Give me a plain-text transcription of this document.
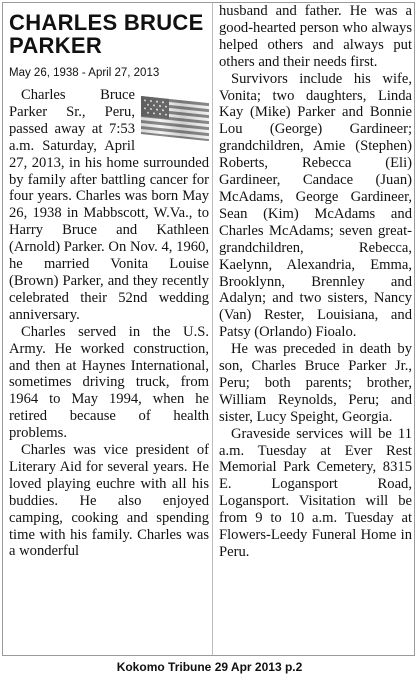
CHARLES BRUCE
PARKER
May 26, 1938 - April 27, 2013

Charles Bruce Parker Sr., Peru, passed away at 7:53 a.m. Saturday, April 27, 2013, in his home surrounded by family after battling cancer for four years. Charles was born May 26, 1938 in Mabbscott, W.Va., to Harry Bruce and Kathleen (Arnold) Parker. On Nov. 4, 1960, he married Vonita Louise (Brown) Parker, and they recently celebrated their 52nd wedding anniversary.

Charles served in the U.S. Army. He worked construction, and then at Haynes International, sometimes driving truck, from 1964 to May 1994, when he retired because of health problems.

Charles was vice president of Literary Aid for several years. He loved playing euchre with all his buddies. He also enjoyed camping, cooking and spending time with his family. Charles was a wonderful

husband and father. He was a good-hearted person who always helped others and always put others and their needs first.

Survivors include his wife, Vonita; two daughters, Linda Kay (Mike) Parker and Bonnie Lou (George) Gardineer; grandchildren, Amie (Stephen) Roberts, Rebecca (Eli) Gardineer, Candace (Juan) McAdams, George Gardineer, Sean (Kim) McAdams and Charles McAdams; seven great-grandchildren, Rebecca, Kaelynn, Alexandria, Emma, Brooklynn, Brennley and Adalyn; and two sisters, Nancy (Van) Rester, Louisiana, and Patsy (Orlando) Fioalo.

He was preceded in death by son, Charles Bruce Parker Jr., Peru; both parents; brother, William Reynolds, Peru; and sister, Lucy Speight, Georgia.

Graveside services will be 11 a.m. Tuesday at Ever Rest Memorial Park Cemetery, 8315 E. Logansport Road, Logansport. Visitation will be from 9 to 10 a.m. Tuesday at Flowers-Leedy Funeral Home in Peru.

Kokomo Tribune 29 Apr 2013 p.2
